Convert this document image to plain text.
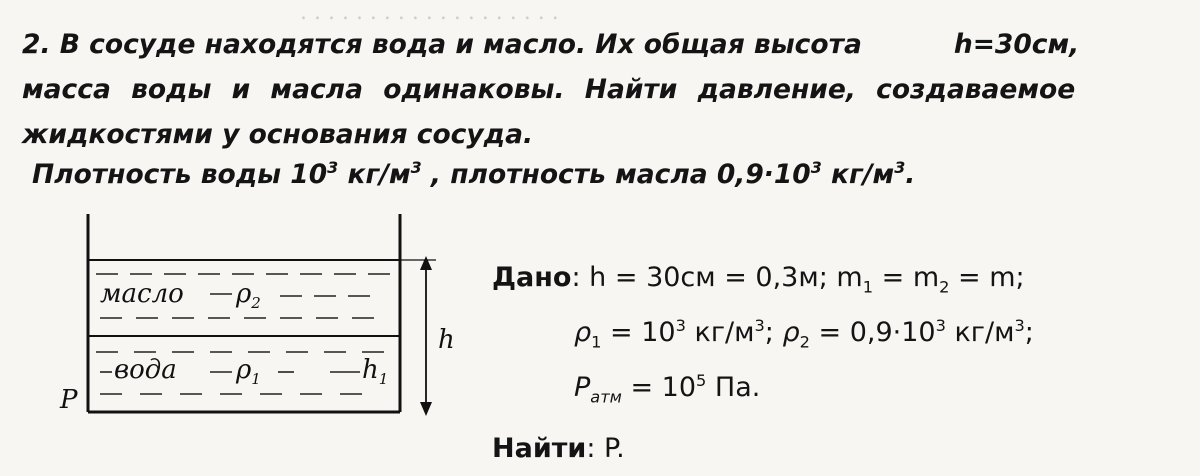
. . . . . . . . . . . . . . . . . . .
2. В сосуде находятся вода и масло. Их общая высота	h=30см,
масса воды и масла одинаковы. Найти давление, создаваемое
жидкостями у основания сосуда.
Плотность воды $10^3$ $кг/м^3$ , плотность масла $0,9\cdot 10^3$ $кг/м^3$.
масло $\rho_2$
вода $\rho_1$	$h_1$
P
h
Дано: h = 30см = 0,3м; $m_1 = m_2 = m$;
$\rho_1 = 10^3$ $кг/м^3$; $\rho_2 = 0,9\cdot 10^3$ $кг/м^3$;
$P_{атм} = 10^5$ Па.
Найти: P.
